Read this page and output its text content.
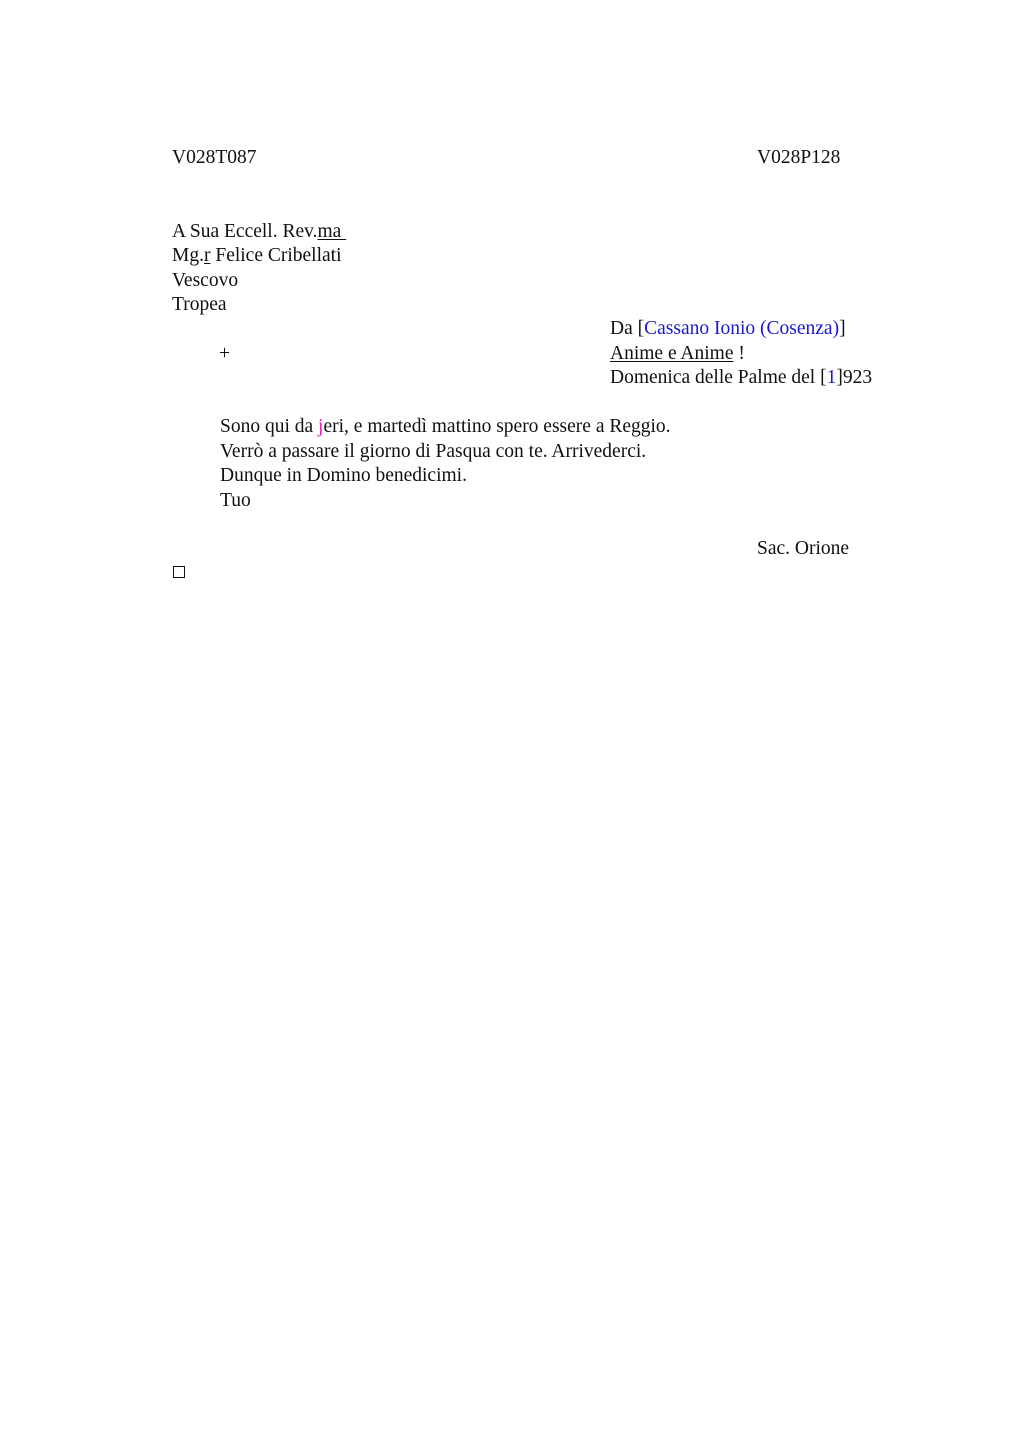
V028T087	V028P128
A Sua Eccell. Rev.ma
Mg.r Felice Cribellati
Vescovo
Tropea
Da [Cassano Ionio (Cosenza)]
+	Anime e Anime !
Domenica delle Palme del [1]923
Sono qui da jeri, e martedì mattino spero essere a Reggio.
Verrò a passare il giorno di Pasqua con te. Arrivederci.
Dunque in Domino benedicimi.
Tuo
Sac. Orione
